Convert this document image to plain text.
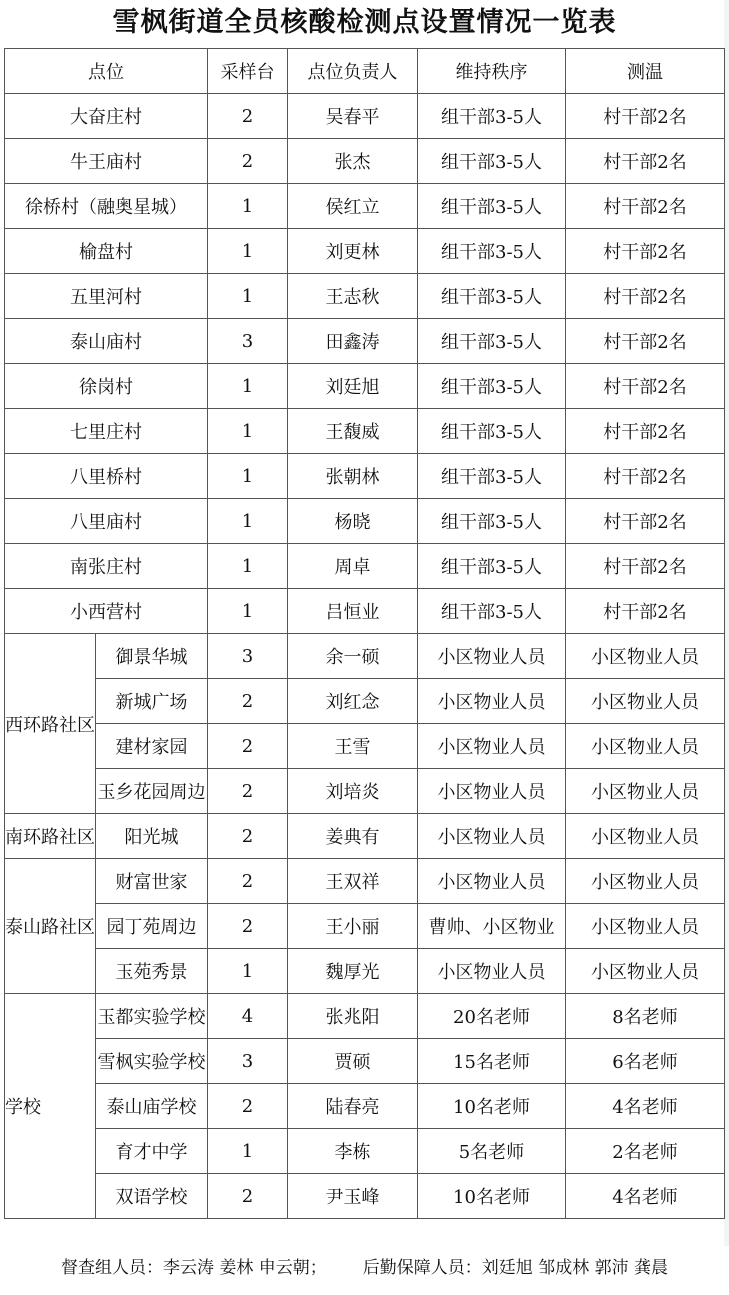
雪枫街道全员核酸检测点设置情况一览表
点位		采样台	点位负责人	维持秩序	测温
大奋庄村		2	吴春平	组干部3-5人	村干部2名
牛王庙村		2	张杰	组干部3-5人	村干部2名
徐桥村（融奥星城）		1	侯红立	组干部3-5人	村干部2名
榆盘村		1	刘更林	组干部3-5人	村干部2名
五里河村		1	王志秋	组干部3-5人	村干部2名
泰山庙村		3	田鑫涛	组干部3-5人	村干部2名
徐岗村		1	刘廷旭	组干部3-5人	村干部2名
七里庄村		1	王馥威	组干部3-5人	村干部2名
八里桥村		1	张朝林	组干部3-5人	村干部2名
八里庙村		1	杨晓	组干部3-5人	村干部2名
南张庄村		1	周卓	组干部3-5人	村干部2名
小西营村		1	吕恒业	组干部3-5人	村干部2名
西环路社区	御景华城	3	余一硕	小区物业人员	小区物业人员
	新城广场	2	刘红念	小区物业人员	小区物业人员
	建材家园	2	王雪	小区物业人员	小区物业人员
	玉乡花园周边	2	刘培炎	小区物业人员	小区物业人员
南环路社区	阳光城	2	姜典有	小区物业人员	小区物业人员
泰山路社区	财富世家	2	王双祥	小区物业人员	小区物业人员
	园丁苑周边	2	王小丽	曹帅、小区物业	小区物业人员
	玉苑秀景	1	魏厚光	小区物业人员	小区物业人员
学校	玉都实验学校	4	张兆阳	20名老师	8名老师
	雪枫实验学校	3	贾硕	15名老师	6名老师
	泰山庙学校	2	陆春亮	10名老师	4名老师
	育才中学	1	李栋	5名老师	2名老师
	双语学校	2	尹玉峰	10名老师	4名老师
督查组人员：李云涛 姜林 申云朝； 后勤保障人员：刘廷旭 邹成林 郭沛 龚晨
